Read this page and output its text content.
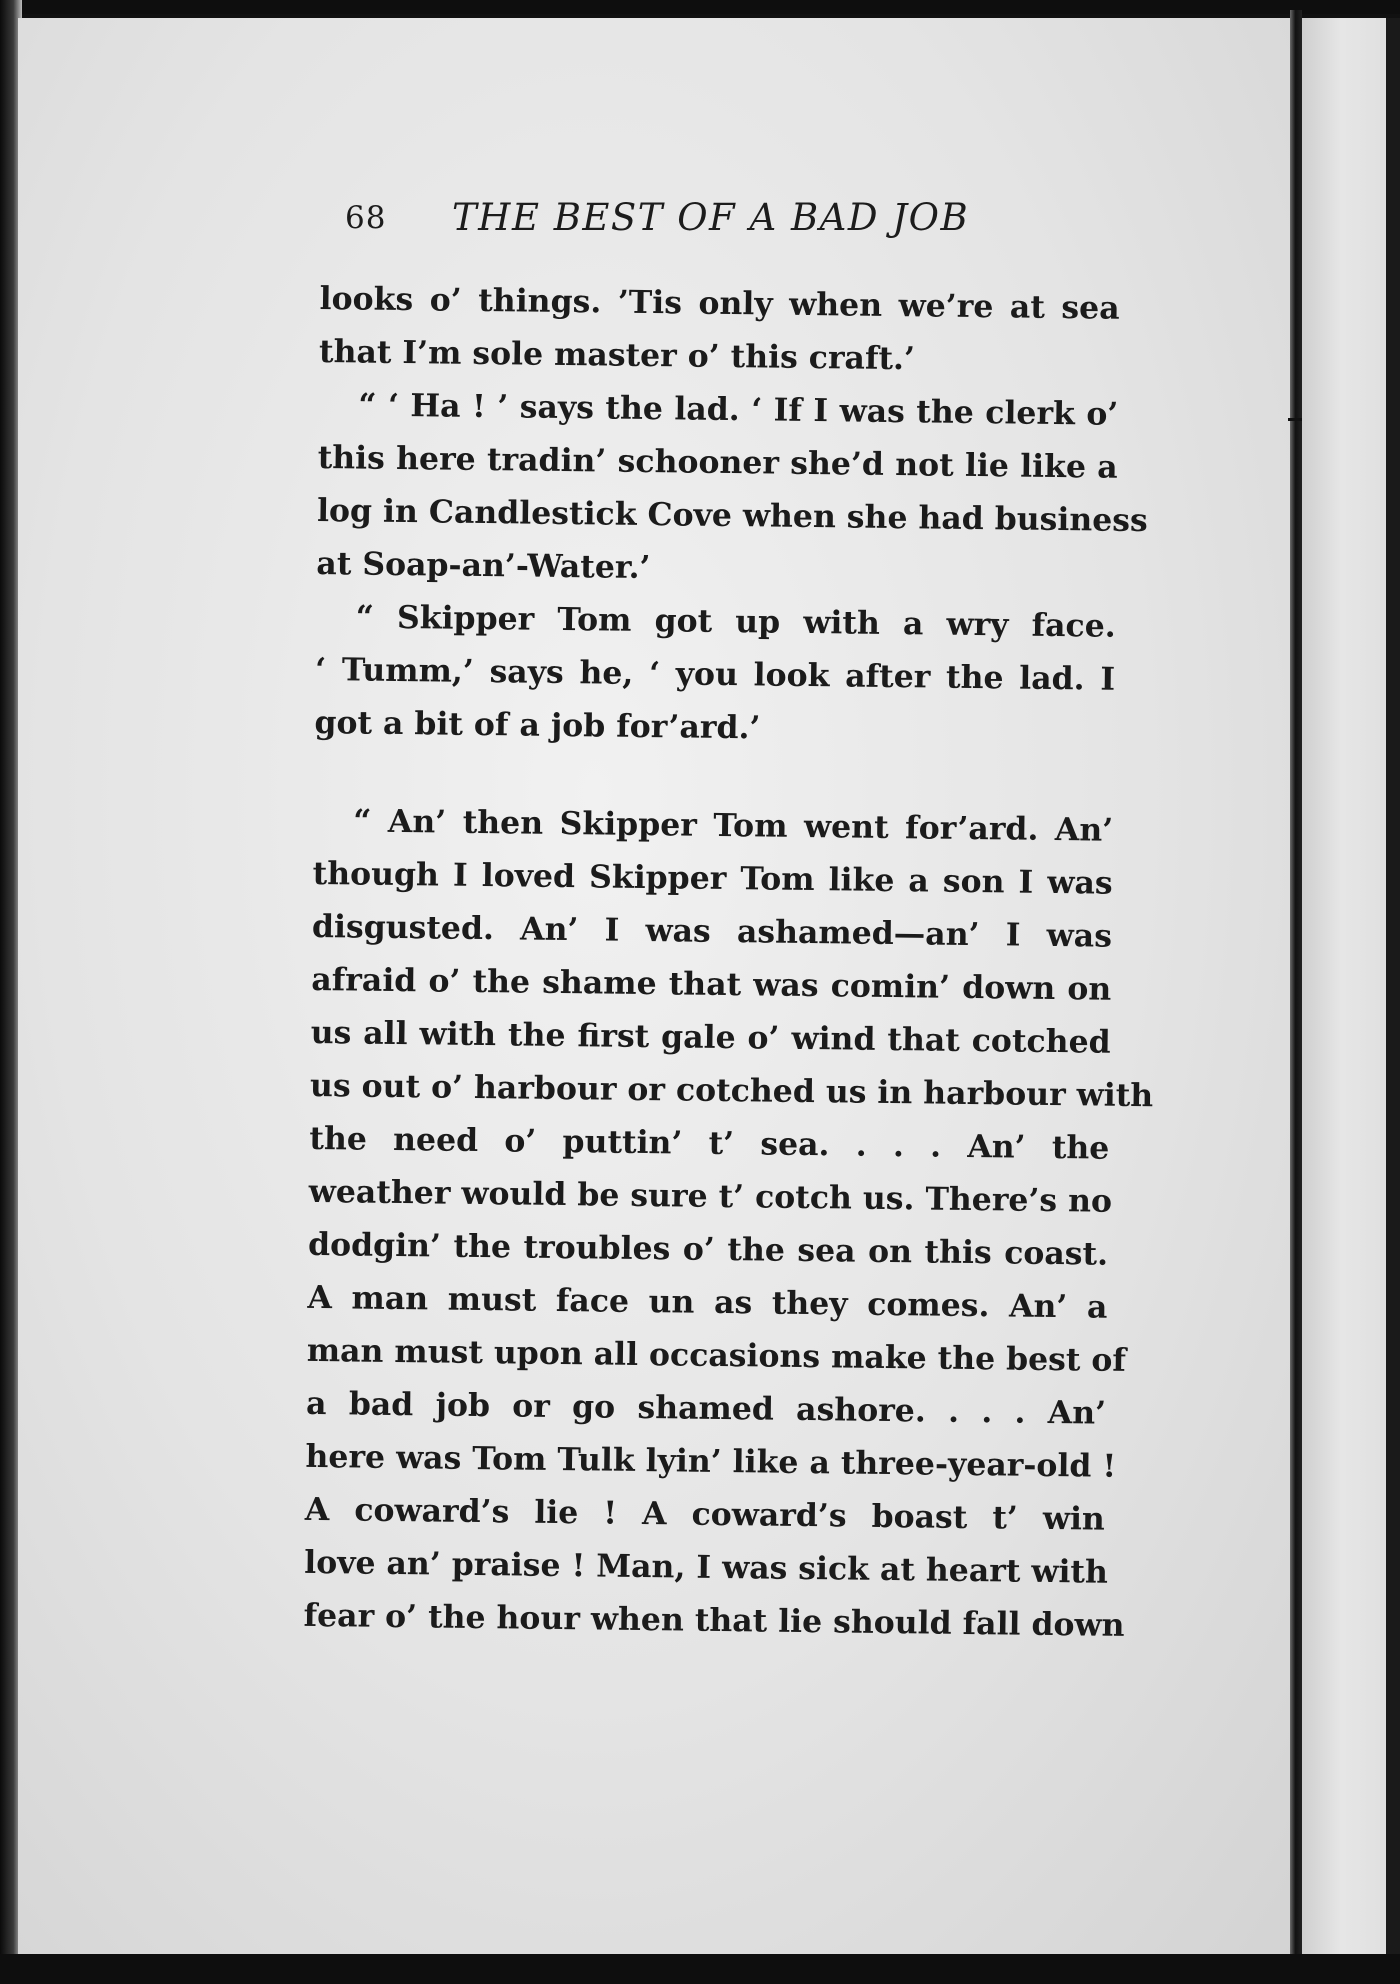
68 THE BEST OF A BAD JOB
looks o’ things. ’Tis only when we’re at sea
that I’m sole master o’ this craft.’
“ ‘ Ha ! ’ says the lad. ‘ If I was the clerk o’
this here tradin’ schooner she’d not lie like a
log in Candlestick Cove when she had business
at Soap-an’-Water.’
“ Skipper Tom got up with a wry face.
‘ Tumm,’ says he, ‘ you look after the lad. I
got a bit of a job for’ard.’
“ An’ then Skipper Tom went for’ard. An’
though I loved Skipper Tom like a son I was
disgusted. An’ I was ashamed—an’ I was
afraid o’ the shame that was comin’ down on
us all with the first gale o’ wind that cotched
us out o’ harbour or cotched us in harbour with
the need o’ puttin’ t’ sea. . . . An’ the
weather would be sure t’ cotch us. There’s no
dodgin’ the troubles o’ the sea on this coast.
A man must face un as they comes. An’ a
man must upon all occasions make the best of
a bad job or go shamed ashore. . . . An’
here was Tom Tulk lyin’ like a three-year-old !
A coward’s lie ! A coward’s boast t’ win
love an’ praise ! Man, I was sick at heart with
fear o’ the hour when that lie should fall down
